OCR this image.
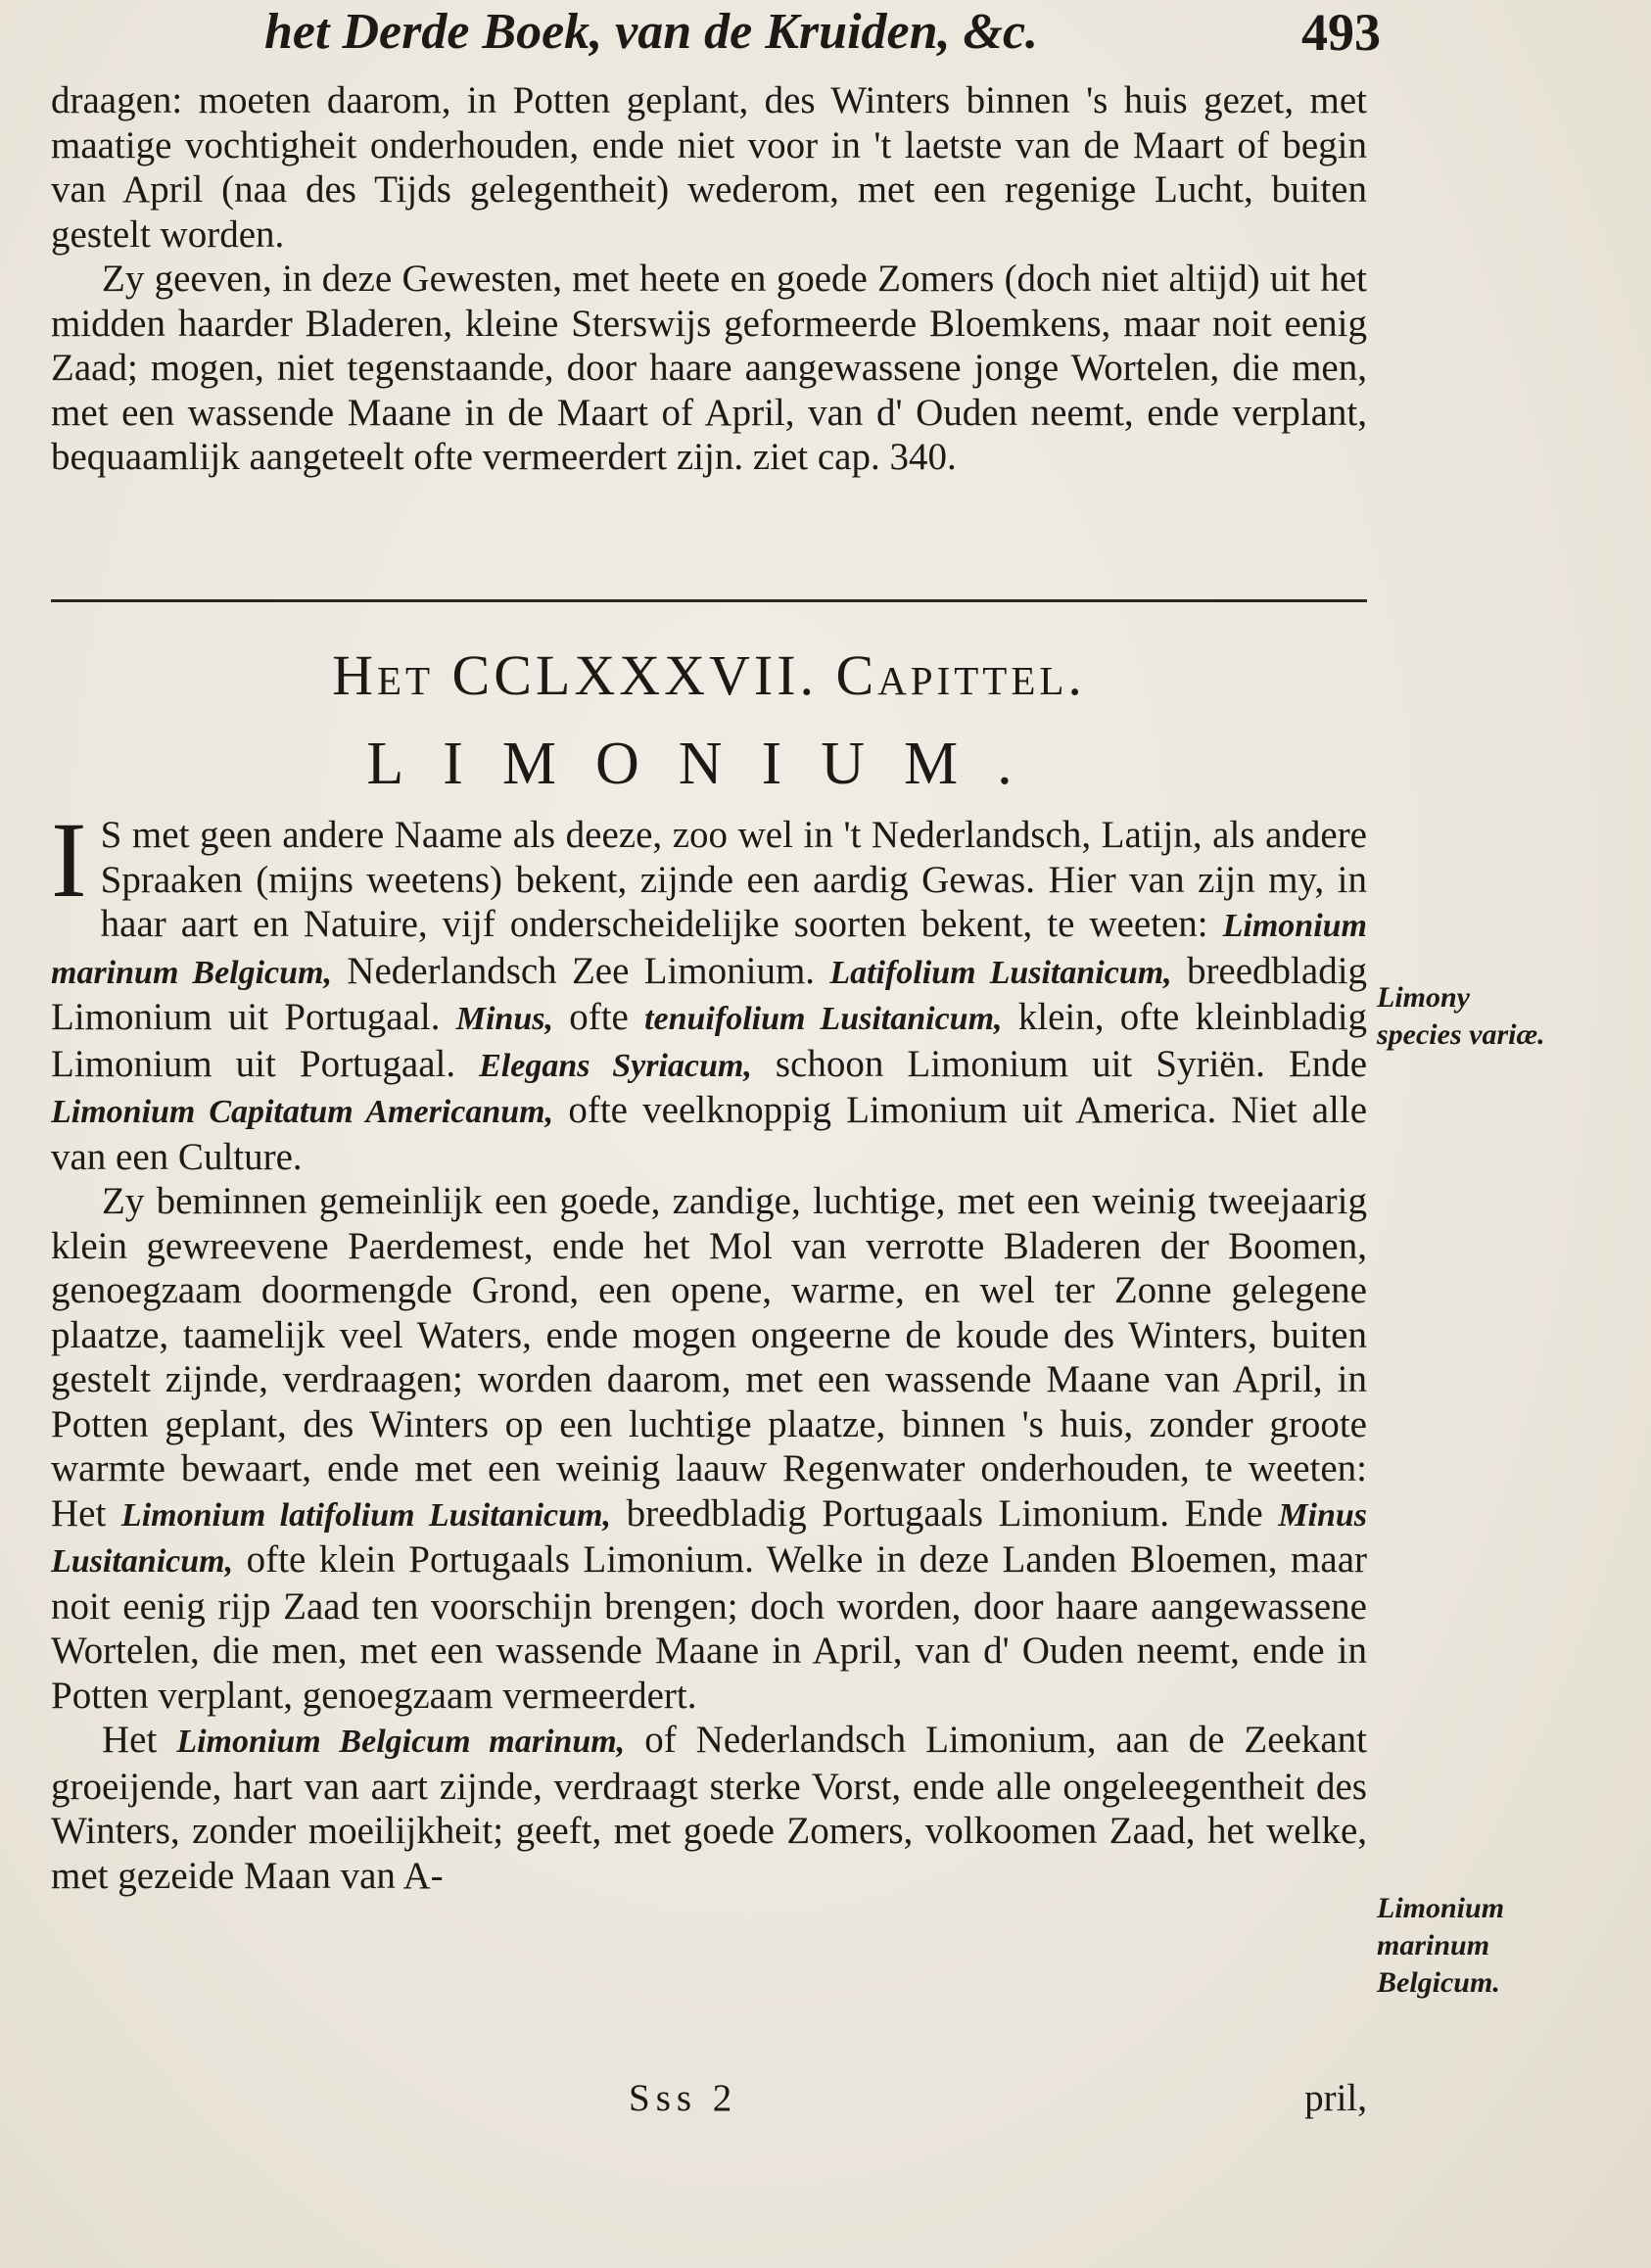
het Derde Boek, van de Kruiden, &c.	493

draagen: moeten daarom, in Potten geplant, des Winters binnen 's huis gezet, met maatige vochtigheit onderhouden, ende niet voor in 't laetste van de Maart of begin van April (naa des Tijds gelegentheit) wederom, met een regenige Lucht, buiten gestelt worden.

Zy geeven, in deze Gewesten, met heete en goede Zomers (doch niet altijd) uit het midden haarder Bladeren, kleine Sterswijs geformeerde Bloemkens, maar noit eenig Zaad; mogen, niet tegenstaande, door haare aangewassene jonge Wortelen, die men, met een wassende Maane in de Maart of April, van d' Ouden neemt, ende verplant, bequaamlijk aangeteelt ofte vermeerdert zijn. ziet cap. 340.

Het CCLXXXVII. Capittel.
LIMONIUM.

I S met geen andere Naame als deeze, zoo wel in 't Nederlandsch, Latijn, als andere Spraaken (mijns weetens) bekent, zijnde een aardig Gewas. Hier van zijn my, in haar aart en Natuire, vijf onderscheidelijke soorten bekent, te weeten: Limonium marinum Belgicum, Nederlandsch Zee Limonium. Latifolium Lusitanicum, breedbladig Limonium uit Portugaal. Minus, ofte tenuifolium Lusitanicum, klein, ofte kleinbladig Limonium uit Portugaal. Elegans Syriacum, schoon Limonium uit Syriën. Ende Limonium Capitatum Americanum, ofte veelknoppig Limonium uit America. Niet alle van een Culture.

Zy beminnen gemeinlijk een goede, zandige, luchtige, met een weinig tweejaarig klein gewreevene Paerdemest, ende het Mol van verrotte Bladeren der Boomen, genoegzaam doormengde Grond, een opene, warme, en wel ter Zonne gelegene plaatze, taamelijk veel Waters, ende mogen ongeerne de koude des Winters, buiten gestelt zijnde, verdraagen; worden daarom, met een wassende Maane van April, in Potten geplant, des Winters op een luchtige plaatze, binnen 's huis, zonder groote warmte bewaart, ende met een weinig laauw Regenwater onderhouden, te weeten: Het Limonium latifolium Lusitanicum, breedbladig Portugaals Limonium. Ende Minus Lusitanicum, ofte klein Portugaals Limonium. Welke in deze Landen Bloemen, maar noit eenig rijp Zaad ten voorschijn brengen; doch worden, door haare aangewassene Wortelen, die men, met een wassende Maane in April, van d' Ouden neemt, ende in Potten verplant, genoegzaam vermeerdert.

Het Limonium Belgicum marinum, of Nederlandsch Limonium, aan de Zeekant groeijende, hart van aart zijnde, verdraagt sterke Vorst, ende alle ongeleegentheit des Winters, zonder moeilijkheit; geeft, met goede Zomers, volkoomen Zaad, het welke, met gezeide Maan van A-

Limony species variæ.
Limonium marinum Belgicum.
Sss 2	pril,
